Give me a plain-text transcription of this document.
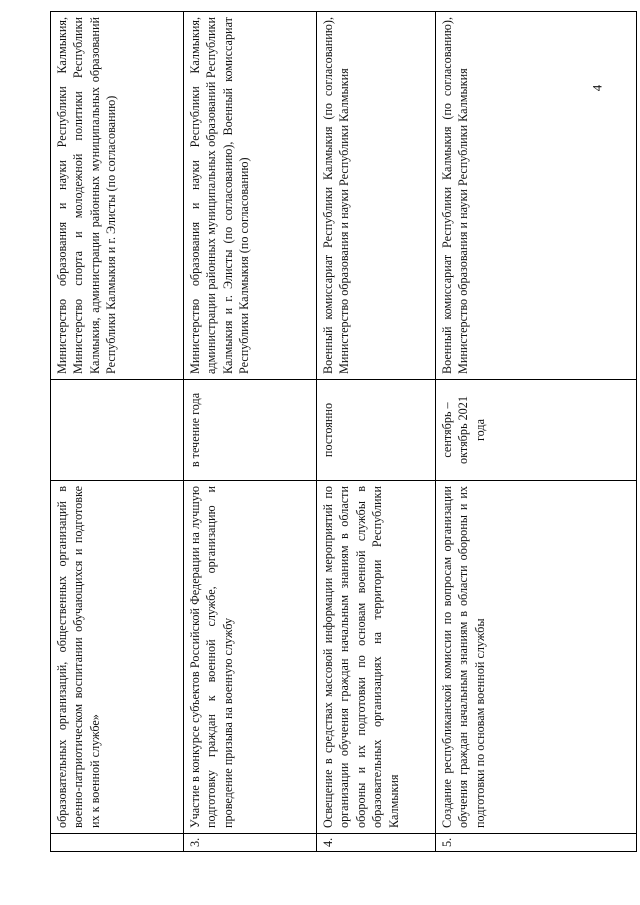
4
	образовательных организаций, общественных организаций в военно-патриотическом воспитании обучающихся и подготовке их к военной службе»		Министерство образования и науки Республики Калмыкия, Министерство спорта и молодежной политики Республики Калмыкия, администрации районных муниципальных образований Республики Калмыкия и г. Элисты (по согласованию)
3.	Участие в конкурсе субъектов Российской Федерации на лучшую подготовку граждан к военной службе, организацию и проведение призыва на военную службу	в течение года	Министерство образования и науки Республики Калмыкия, администрации районных муниципальных образований Республики Калмыкия и г. Элисты (по согласованию), Военный комиссариат Республики Калмыкия (по согласованию)
4.	Освещение в средствах массовой информации мероприятий по организации обучения граждан начальным знаниям в области обороны и их подготовки по основам военной службы в образовательных организациях на территории Республики Калмыкия	постоянно	Военный комиссариат Республики Калмыкия (по согласованию), Министерство образования и науки Республики Калмыкия
5.	Создание республиканской комиссии по вопросам организации обучения граждан начальным знаниям в области обороны и их подготовки по основам военной службы	сентябрь – октябрь 2021 года	Военный комиссариат Республики Калмыкия (по согласованию), Министерство образования и науки Республики Калмыкия
